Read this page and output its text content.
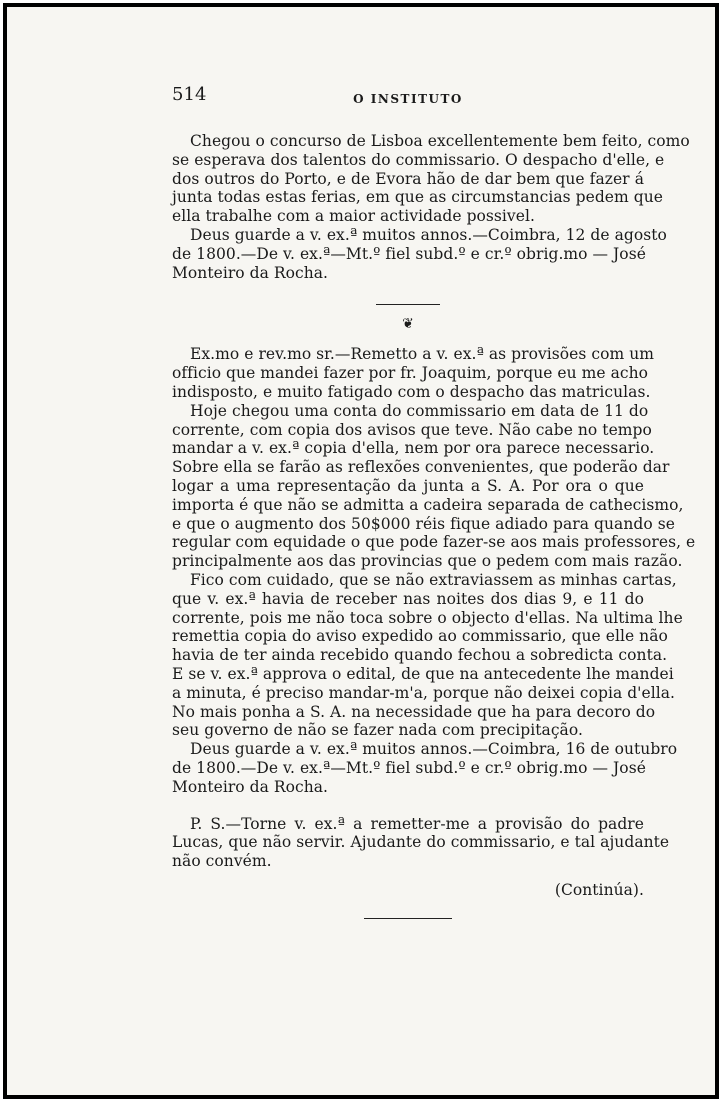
514	O INSTITUTO
Chegou o concurso de Lisboa excellentemente bem feito, como
se esperava dos talentos do commissario. O despacho d'elle, e
dos outros do Porto, e de Evora hão de dar bem que fazer á
junta todas estas ferias, em que as circumstancias pedem que
ella trabalhe com a maior actividade possivel.
Deus guarde a v. ex.ª muitos annos.—Coimbra, 12 de agosto
de 1800.—De v. ex.ª—Mt.º fiel subd.º e cr.º obrig.mo — José
Monteiro da Rocha.
❦
Ex.mo e rev.mo sr.—Remetto a v. ex.ª as provisões com um
officio que mandei fazer por fr. Joaquim, porque eu me acho
indisposto, e muito fatigado com o despacho das matriculas.
Hoje chegou uma conta do commissario em data de 11 do
corrente, com copia dos avisos que teve. Não cabe no tempo
mandar a v. ex.ª copia d'ella, nem por ora parece necessario.
Sobre ella se farão as reflexões convenientes, que poderão dar
logar a uma representação da junta a S. A. Por ora o que
importa é que não se admitta a cadeira separada de cathecismo,
e que o augmento dos 50$000 réis fique adiado para quando se
regular com equidade o que pode fazer-se aos mais professores, e
principalmente aos das provincias que o pedem com mais razão.
Fico com cuidado, que se não extraviassem as minhas cartas,
que v. ex.ª havia de receber nas noites dos dias 9, e 11 do
corrente, pois me não toca sobre o objecto d'ellas. Na ultima lhe
remettia copia do aviso expedido ao commissario, que elle não
havia de ter ainda recebido quando fechou a sobredicta conta.
E se v. ex.ª approva o edital, de que na antecedente lhe mandei
a minuta, é preciso mandar-m'a, porque não deixei copia d'ella.
No mais ponha a S. A. na necessidade que ha para decoro do
seu governo de não se fazer nada com precipitação.
Deus guarde a v. ex.ª muitos annos.—Coimbra, 16 de outubro
de 1800.—De v. ex.ª—Mt.º fiel subd.º e cr.º obrig.mo — José
Monteiro da Rocha.
P. S.—Torne v. ex.ª a remetter-me a provisão do padre
Lucas, que não servir. Ajudante do commissario, e tal ajudante
não convém.
(Continúa).
